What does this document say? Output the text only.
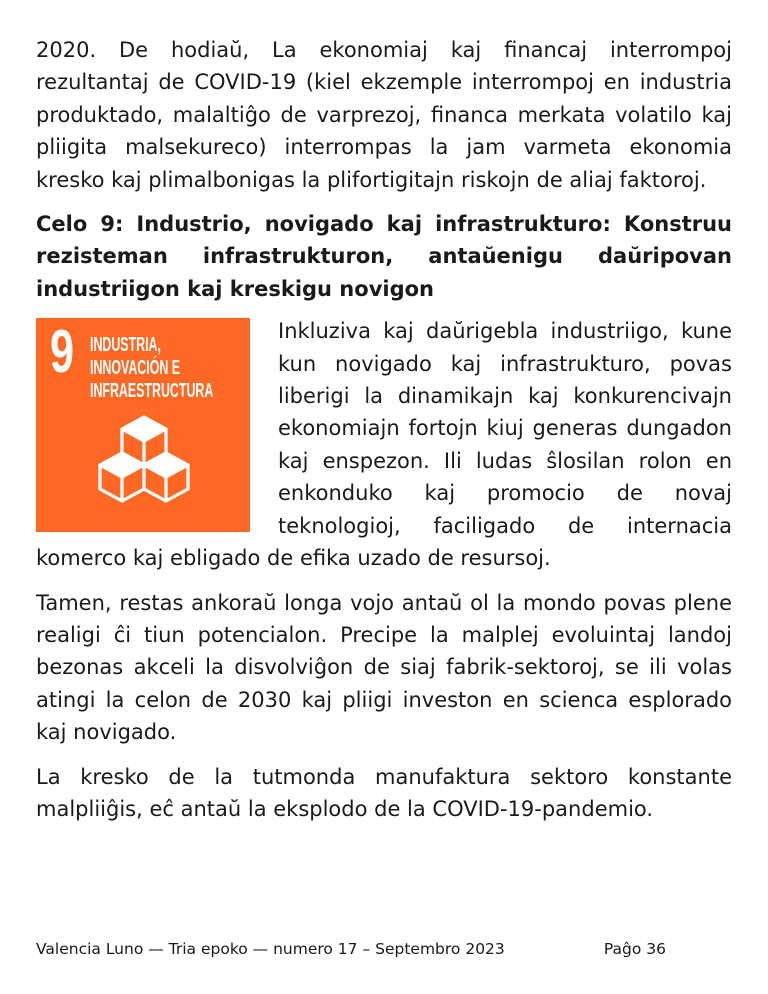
2020. De hodiaŭ, La ekonomiaj kaj financaj interrompoj rezultantaj de COVID-19 (kiel ekzemple interrompoj en industria produktado, malaltiĝo de varprezoj, financa merkata volatilo kaj pliigita malsekureco) interrompas la jam varmeta ekonomia kresko kaj plimalbonigas la plifortigitajn riskojn de aliaj faktoroj.

Celo 9: Industrio, novigado kaj infrastrukturo: Konstruu rezisteman infrastrukturon, antaŭenigu daŭripovan industriigon kaj kreskigu novigon
9 INDUSTRIA,
INNOVACIÓN E
INFRAESTRUCTURA

Inkluziva kaj daŭrigebla industriigo, kune kun novigado kaj infrastrukturo, povas liberigi la dinamikajn kaj konkurencivajn ekonomiajn fortojn kiuj generas dungadon kaj enspezon. Ili ludas ŝlosilan rolon en enkonduko kaj promocio de novaj teknologioj, faciligado de internacia komerco kaj ebligado de efika uzado de resursoj.

Tamen, restas ankoraŭ longa vojo antaŭ ol la mondo povas plene realigi ĉi tiun potencialon. Precipe la malplej evoluintaj landoj bezonas akceli la disvolviĝon de siaj fabrik-sektoroj, se ili volas atingi la celon de 2030 kaj pliigi investon en scienca esplorado kaj novigado.

La kresko de la tutmonda manufaktura sektoro konstante malpliiĝis, eĉ antaŭ la eksplodo de la COVID-19-pandemio.

Valencia Luno — Tria epoko — numero 17 – Septembro 2023	Paĝo 36
